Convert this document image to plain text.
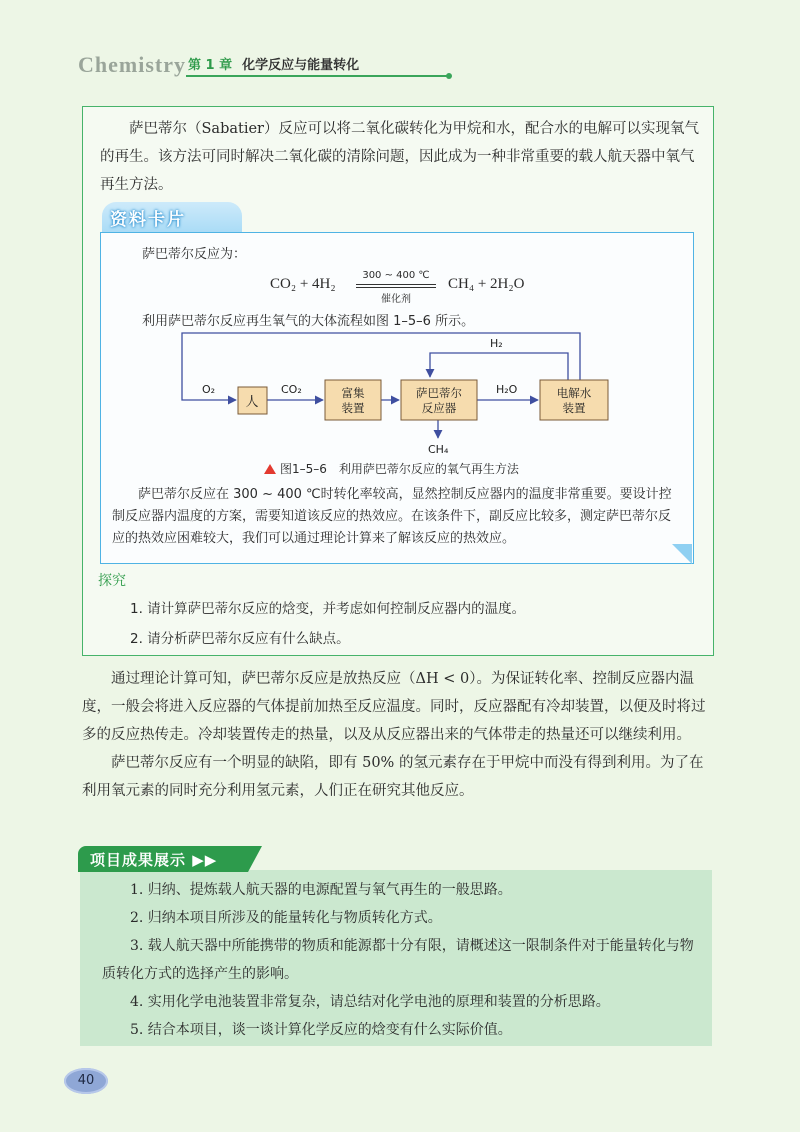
Chemistry 第 1 章 化学反应与能量转化

萨巴蒂尔（Sabatier）反应可以将二氧化碳转化为甲烷和水，配合水的电解可以实现氧气的再生。该方法可同时解决二氧化碳的清除问题，因此成为一种非常重要的载人航天器中氧气再生方法。

资料卡片
萨巴蒂尔反应为：
CO₂ + 4H₂
300 ~ 400 ℃
催化剂
CH₄ + 2H₂O
利用萨巴蒂尔反应再生氧气的大体流程如图 1–5–6 所示。
人
富集
装置
萨巴蒂尔
反应器
电解水
装置
O₂	CO₂	H₂O
H₂
CH₄
图1–5–6　利用萨巴蒂尔反应的氧气再生方法

萨巴蒂尔反应在 300 ~ 400 ℃时转化率较高，显然控制反应器内的温度非常重要。要设计控制反应器内温度的方案，需要知道该反应的热效应。在该条件下，副反应比较多，测定萨巴蒂尔反应的热效应困难较大，我们可以通过理论计算来了解该反应的热效应。

探究
1. 请计算萨巴蒂尔反应的焓变，并考虑如何控制反应器内的温度。
2. 请分析萨巴蒂尔反应有什么缺点。

通过理论计算可知，萨巴蒂尔反应是放热反应（ΔH < 0）。为保证转化率、控制反应器内温度，一般会将进入反应器的气体提前加热至反应温度。同时，反应器配有冷却装置，以便及时将过多的反应热传走。冷却装置传走的热量，以及从反应器出来的气体带走的热量还可以继续利用。

萨巴蒂尔反应有一个明显的缺陷，即有 50% 的氢元素存在于甲烷中而没有得到利用。为了在利用氧元素的同时充分利用氢元素，人们正在研究其他反应。

项目成果展示 ▶▶
1. 归纳、提炼载人航天器的电源配置与氧气再生的一般思路。
2. 归纳本项目所涉及的能量转化与物质转化方式。
3. 载人航天器中所能携带的物质和能源都十分有限，请概述这一限制条件对于能量转化与物质转化方式的选择产生的影响。
4. 实用化学电池装置非常复杂，请总结对化学电池的原理和装置的分析思路。
5. 结合本项目，谈一谈计算化学反应的焓变有什么实际价值。
40
